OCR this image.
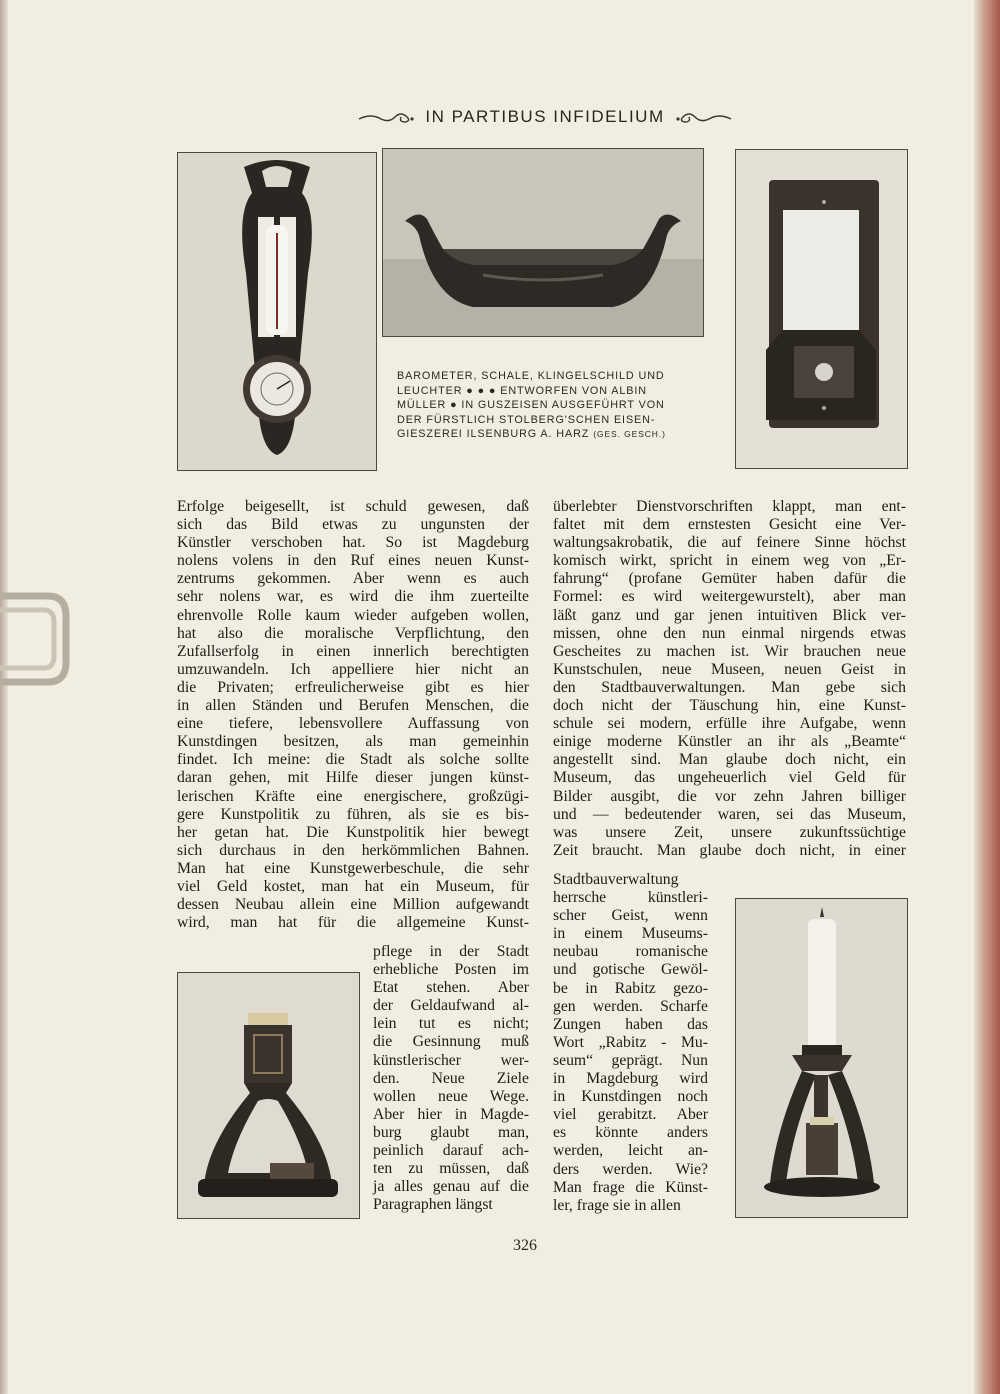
IN PARTIBUS INFIDELIUM
BAROMETER, SCHALE, KLINGELSCHILD UND
LEUCHTER ● ● ● ENTWORFEN VON ALBIN
MÜLLER ● IN GUSZEISEN AUSGEFÜHRT VON
DER FÜRSTLICH STOLBERG'SCHEN EISEN-
GIESZEREI ILSENBURG A. HARZ (GES. GESCH.)
Erfolge beigesellt, ist schuld gewesen, daß
sich das Bild etwas zu ungunsten der
Künstler verschoben hat. So ist Magdeburg
nolens volens in den Ruf eines neuen Kunst-
zentrums gekommen. Aber wenn es auch
sehr nolens war, es wird die ihm zuerteilte
ehrenvolle Rolle kaum wieder aufgeben wollen,
hat also die moralische Verpflichtung, den
Zufallserfolg in einen innerlich berechtigten
umzuwandeln. Ich appelliere hier nicht an
die Privaten; erfreulicherweise gibt es hier
in allen Ständen und Berufen Menschen, die
eine tiefere, lebensvollere Auffassung von
Kunstdingen besitzen, als man gemeinhin
findet. Ich meine: die Stadt als solche sollte
daran gehen, mit Hilfe dieser jungen künst-
lerischen Kräfte eine energischere, großzügi-
gere Kunstpolitik zu führen, als sie es bis-
her getan hat. Die Kunstpolitik hier bewegt
sich durchaus in den herkömmlichen Bahnen.
Man hat eine Kunstgewerbeschule, die sehr
viel Geld kostet, man hat ein Museum, für
dessen Neubau allein eine Million aufgewandt
wird, man hat für die allgemeine Kunst-
pflege in der Stadt
erhebliche Posten im
Etat stehen. Aber
der Geldaufwand al-
lein tut es nicht;
die Gesinnung muß
künstlerischer wer-
den. Neue Ziele
wollen neue Wege.
Aber hier in Magde-
burg glaubt man,
peinlich darauf ach-
ten zu müssen, daß
ja alles genau auf die
Paragraphen längst
überlebter Dienstvorschriften klappt, man ent-
faltet mit dem ernstesten Gesicht eine Ver-
waltungsakrobatik, die auf feinere Sinne höchst
komisch wirkt, spricht in einem weg von „Er-
fahrung“ (profane Gemüter haben dafür die
Formel: es wird weitergewurstelt), aber man
läßt ganz und gar jenen intuitiven Blick ver-
missen, ohne den nun einmal nirgends etwas
Gescheites zu machen ist. Wir brauchen neue
Kunstschulen, neue Museen, neuen Geist in
den Stadtbauverwaltungen. Man gebe sich
doch nicht der Täuschung hin, eine Kunst-
schule sei modern, erfülle ihre Aufgabe, wenn
einige moderne Künstler an ihr als „Beamte“
angestellt sind. Man glaube doch nicht, ein
Museum, das ungeheuerlich viel Geld für
Bilder ausgibt, die vor zehn Jahren billiger
und — bedeutender waren, sei das Museum,
was unsere Zeit, unsere zukunftssüchtige
Zeit braucht. Man glaube doch nicht, in einer
Stadtbauverwaltung
herrsche künstleri-
scher Geist, wenn
in einem Museums-
neubau romanische
und gotische Gewöl-
be in Rabitz gezo-
gen werden. Scharfe
Zungen haben das
Wort „Rabitz - Mu-
seum“ geprägt. Nun
in Magdeburg wird
in Kunstdingen noch
viel gerabitzt. Aber
es könnte anders
werden, leicht an-
ders werden. Wie?
Man frage die Künst-
ler, frage sie in allen
326
